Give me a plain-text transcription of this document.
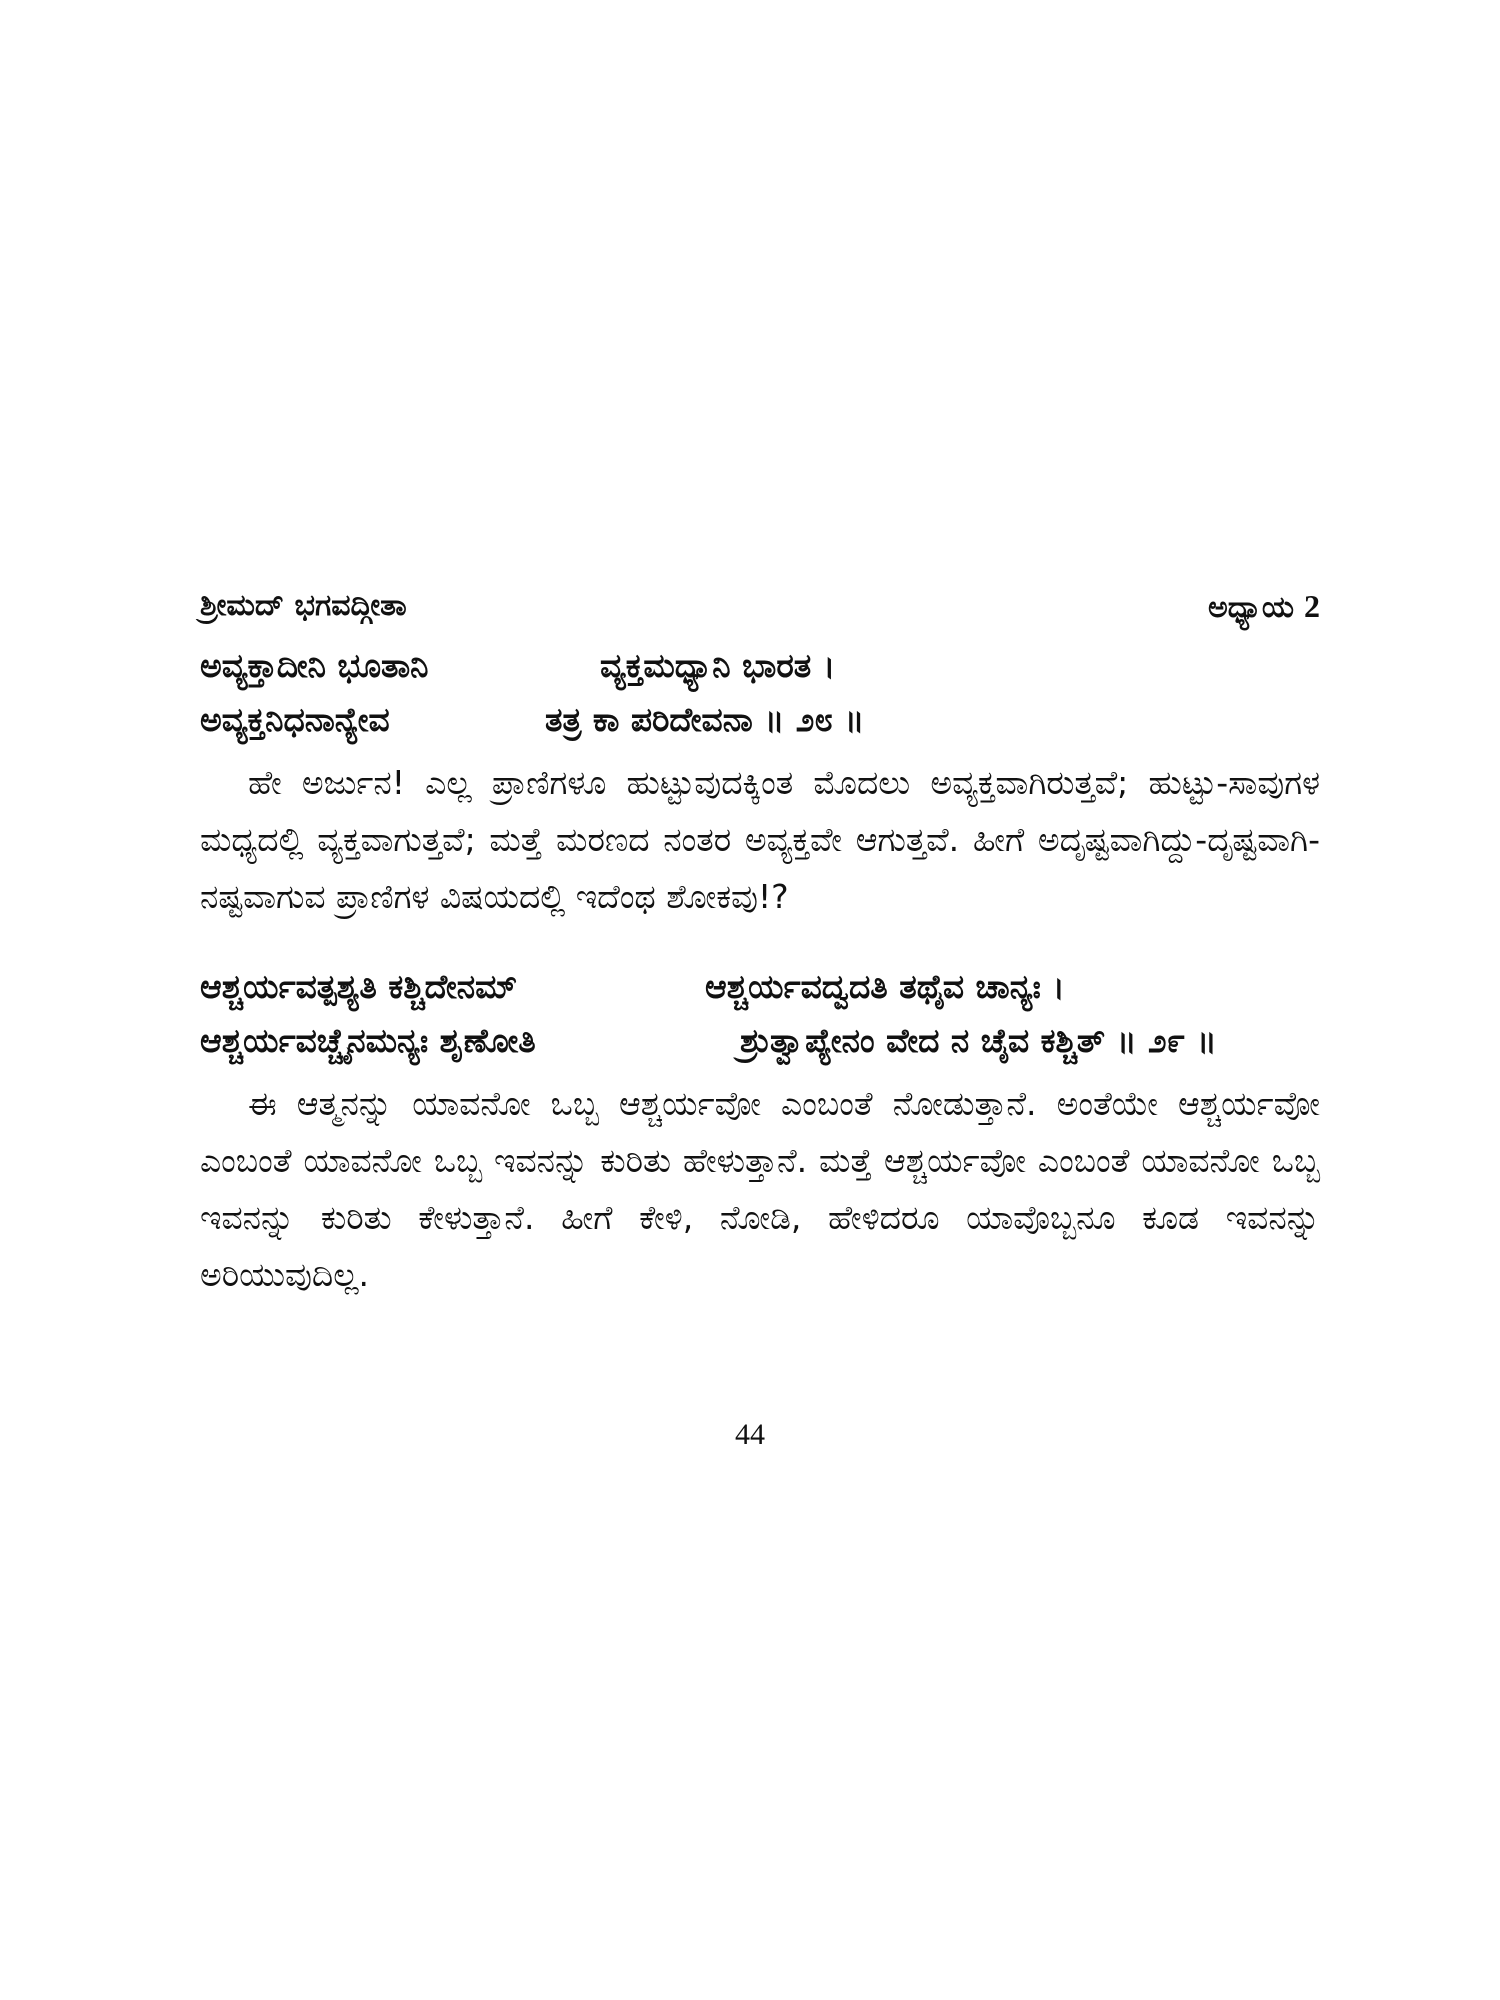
ಶ್ರೀಮದ್ ಭಗವದ್ಗೀತಾ	ಅಧ್ಯಾಯ 2
ಅವ್ಯಕ್ತಾದೀನಿ ಭೂತಾನಿ	ವ್ಯಕ್ತಮಧ್ಯಾನಿ ಭಾರತ ।
ಅವ್ಯಕ್ತನಿಧನಾನ್ಯೇವ	ತತ್ರ ಕಾ ಪರಿದೇವನಾ ॥ ೨೮ ॥

ಹೇ ಅರ್ಜುನ! ಎಲ್ಲ ಪ್ರಾಣಿಗಳೂ ಹುಟ್ಟುವುದಕ್ಕಿಂತ ಮೊದಲು ಅವ್ಯಕ್ತವಾಗಿರುತ್ತವೆ; ಹುಟ್ಟು-ಸಾವುಗಳ ಮಧ್ಯದಲ್ಲಿ ವ್ಯಕ್ತವಾಗುತ್ತವೆ; ಮತ್ತೆ ಮರಣದ ನಂತರ ಅವ್ಯಕ್ತವೇ ಆಗುತ್ತವೆ. ಹೀಗೆ ಅದೃಷ್ಟವಾಗಿದ್ದು-ದೃಷ್ಟವಾಗಿ-ನಷ್ಟವಾಗುವ ಪ್ರಾಣಿಗಳ ವಿಷಯದಲ್ಲಿ ಇದೆಂಥ ಶೋಕವು!?

ಆಶ್ಚರ್ಯವತ್ಪಶ್ಯತಿ ಕಶ್ಚಿದೇನಮ್	ಆಶ್ಚರ್ಯವದ್ವದತಿ ತಥೈವ ಚಾನ್ಯಃ ।
ಆಶ್ಚರ್ಯವಚ್ಚೈನಮನ್ಯಃ ಶೃಣೋತಿ	ಶ್ರುತ್ವಾಪ್ಯೇನಂ ವೇದ ನ ಚೈವ ಕಶ್ಚಿತ್ ॥ ೨೯ ॥

ಈ ಆತ್ಮನನ್ನು ಯಾವನೋ ಒಬ್ಬ ಆಶ್ಚರ್ಯವೋ ಎಂಬಂತೆ ನೋಡುತ್ತಾನೆ. ಅಂತೆಯೇ ಆಶ್ಚರ್ಯವೋ ಎಂಬಂತೆ ಯಾವನೋ ಒಬ್ಬ ಇವನನ್ನು ಕುರಿತು ಹೇಳುತ್ತಾನೆ. ಮತ್ತೆ ಆಶ್ಚರ್ಯವೋ ಎಂಬಂತೆ ಯಾವನೋ ಒಬ್ಬ ಇವನನ್ನು ಕುರಿತು ಕೇಳುತ್ತಾನೆ. ಹೀಗೆ ಕೇಳಿ, ನೋಡಿ, ಹೇಳಿದರೂ ಯಾವೊಬ್ಬನೂ ಕೂಡ ಇವನನ್ನು ಅರಿಯುವುದಿಲ್ಲ.

44
